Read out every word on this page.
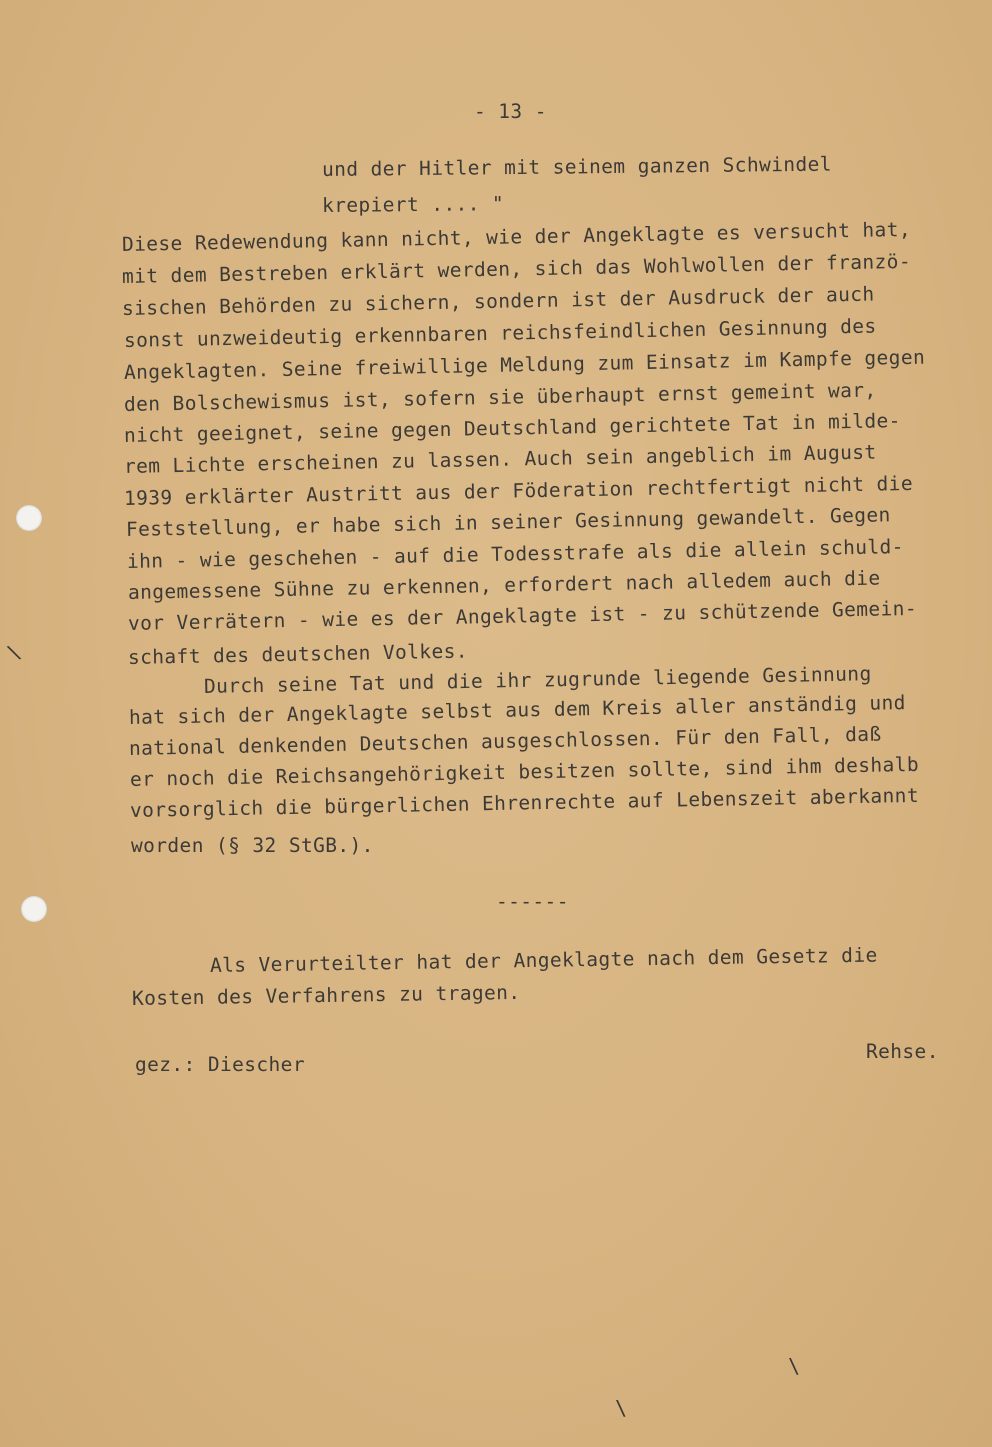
- 13 -
und der Hitler mit seinem ganzen Schwindel
krepiert .... "
Diese Redewendung kann nicht, wie der Angeklagte es versucht hat,
mit dem Bestreben erklärt werden, sich das Wohlwollen der franzö-
sischen Behörden zu sichern, sondern ist der Ausdruck der auch
sonst unzweideutig erkennbaren reichsfeindlichen Gesinnung des
Angeklagten. Seine freiwillige Meldung zum Einsatz im Kampfe gegen
den Bolschewismus ist, sofern sie überhaupt ernst gemeint war,
nicht geeignet, seine gegen Deutschland gerichtete Tat in milde-
rem Lichte erscheinen zu lassen. Auch sein angeblich im August
1939 erklärter Austritt aus der Föderation rechtfertigt nicht die
Feststellung, er habe sich in seiner Gesinnung gewandelt. Gegen
ihn - wie geschehen - auf die Todesstrafe als die allein schuld-
angemessene Sühne zu erkennen, erfordert nach alledem auch die
vor Verrätern - wie es der Angeklagte ist - zu schützende Gemein-
schaft des deutschen Volkes.
Durch seine Tat und die ihr zugrunde liegende Gesinnung
hat sich der Angeklagte selbst aus dem Kreis aller anständig und
national denkenden Deutschen ausgeschlossen. Für den Fall, daß
er noch die Reichsangehörigkeit besitzen sollte, sind ihm deshalb
vorsorglich die bürgerlichen Ehrenrechte auf Lebenszeit aberkannt
worden (§ 32 StGB.).
------
Als Verurteilter hat der Angeklagte nach dem Gesetz die
Kosten des Verfahrens zu tragen.
gez.: Diescher
Rehse.
\
\
\
